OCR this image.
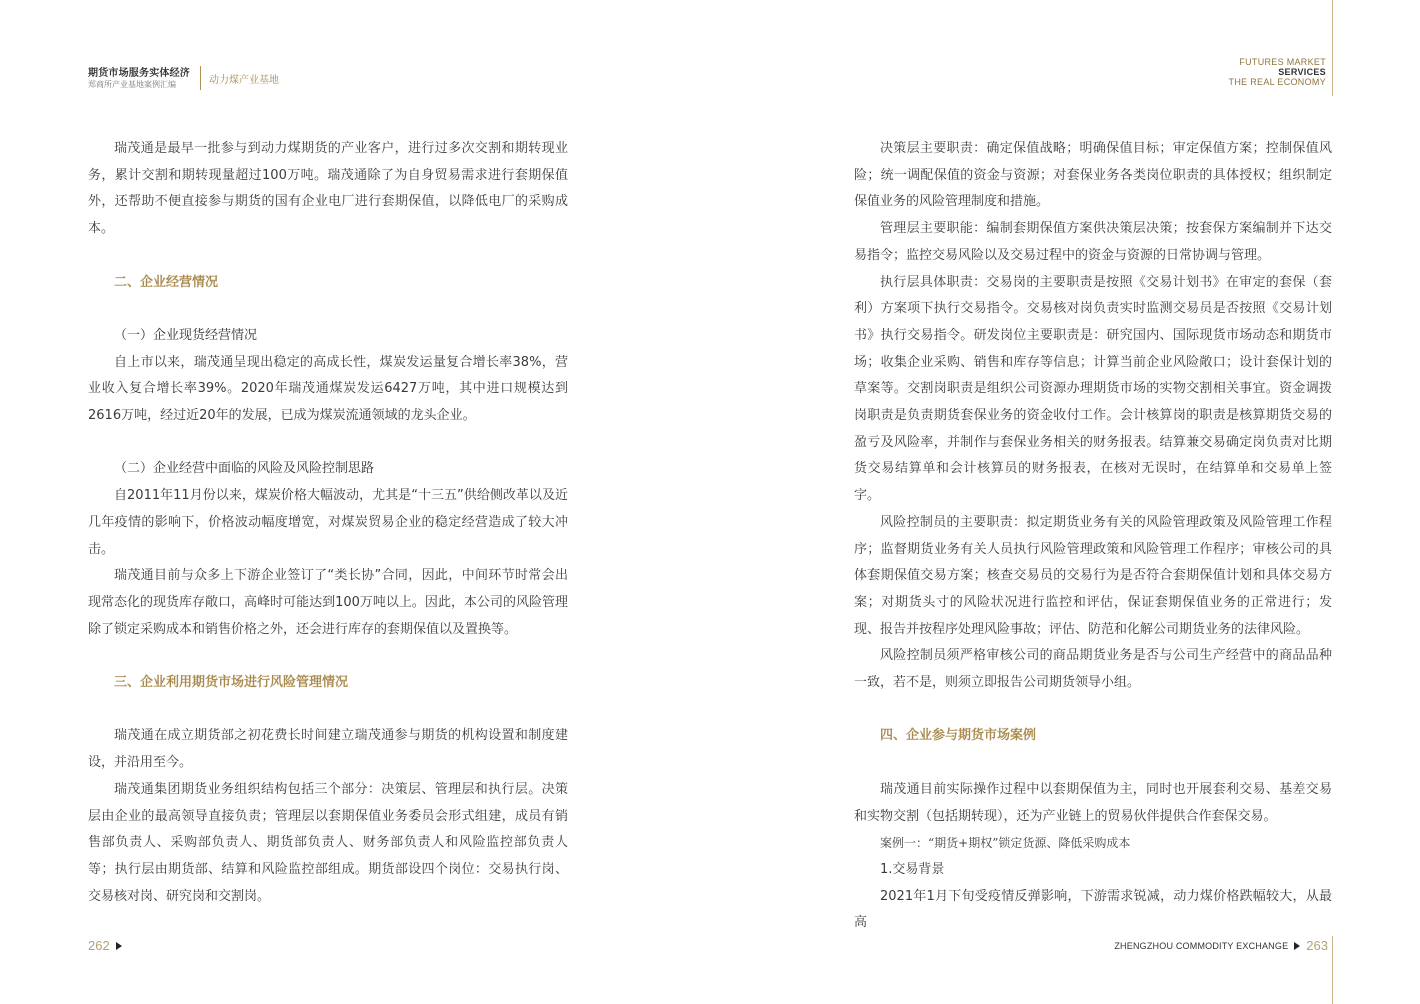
期货市场服务实体经济
郑商所产业基地案例汇编	动力煤产业基地
FUTURES MARKET
SERVICES
THE REAL ECONOMY

瑞茂通是最早一批参与到动力煤期货的产业客户，进行过多次交割和期转现业务，累计交割和期转现量超过100万吨。瑞茂通除了为自身贸易需求进行套期保值外，还帮助不便直接参与期货的国有企业电厂进行套期保值，以降低电厂的采购成本。

二、企业经营情况
（一）企业现货经营情况

自上市以来，瑞茂通呈现出稳定的高成长性，煤炭发运量复合增长率38%，营业收入复合增长率39%。2020年瑞茂通煤炭发运6427万吨，其中进口规模达到2616万吨，经过近20年的发展，已成为煤炭流通领域的龙头企业。

（二）企业经营中面临的风险及风险控制思路

自2011年11月份以来，煤炭价格大幅波动，尤其是“十三五”供给侧改革以及近几年疫情的影响下，价格波动幅度增宽，对煤炭贸易企业的稳定经营造成了较大冲击。

瑞茂通目前与众多上下游企业签订了“类长协”合同，因此，中间环节时常会出现常态化的现货库存敞口，高峰时可能达到100万吨以上。因此，本公司的风险管理除了锁定采购成本和销售价格之外，还会进行库存的套期保值以及置换等。

三、企业利用期货市场进行风险管理情况

瑞茂通在成立期货部之初花费长时间建立瑞茂通参与期货的机构设置和制度建设，并沿用至今。

瑞茂通集团期货业务组织结构包括三个部分：决策层、管理层和执行层。决策层由企业的最高领导直接负责；管理层以套期保值业务委员会形式组建，成员有销售部负责人、采购部负责人、期货部负责人、财务部负责人和风险监控部负责人等；执行层由期货部、结算和风险监控部组成。期货部设四个岗位：交易执行岗、交易核对岗、研究岗和交割岗。

决策层主要职责：确定保值战略；明确保值目标；审定保值方案；控制保值风险；统一调配保值的资金与资源；对套保业务各类岗位职责的具体授权；组织制定保值业务的风险管理制度和措施。

管理层主要职能：编制套期保值方案供决策层决策；按套保方案编制并下达交易指令；监控交易风险以及交易过程中的资金与资源的日常协调与管理。

执行层具体职责：交易岗的主要职责是按照《交易计划书》在审定的套保（套利）方案项下执行交易指令。交易核对岗负责实时监测交易员是否按照《交易计划书》执行交易指令。研发岗位主要职责是：研究国内、国际现货市场动态和期货市场；收集企业采购、销售和库存等信息；计算当前企业风险敞口；设计套保计划的草案等。交割岗职责是组织公司资源办理期货市场的实物交割相关事宜。资金调拨岗职责是负责期货套保业务的资金收付工作。会计核算岗的职责是核算期货交易的盈亏及风险率，并制作与套保业务相关的财务报表。结算兼交易确定岗负责对比期货交易结算单和会计核算员的财务报表，在核对无误时，在结算单和交易单上签字。

风险控制员的主要职责：拟定期货业务有关的风险管理政策及风险管理工作程序；监督期货业务有关人员执行风险管理政策和风险管理工作程序；审核公司的具体套期保值交易方案；核查交易员的交易行为是否符合套期保值计划和具体交易方案；对期货头寸的风险状况进行监控和评估，保证套期保值业务的正常进行；发现、报告并按程序处理风险事故；评估、防范和化解公司期货业务的法律风险。

风险控制员须严格审核公司的商品期货业务是否与公司生产经营中的商品品种一致，若不是，则须立即报告公司期货领导小组。

四、企业参与期货市场案例

瑞茂通目前实际操作过程中以套期保值为主，同时也开展套利交易、基差交易和实物交割（包括期转现），还为产业链上的贸易伙伴提供合作套保交易。

案例一：“期货+期权”锁定货源、降低采购成本

1.交易背景

2021年1月下旬受疫情反弹影响，下游需求锐减，动力煤价格跌幅较大，从最高

262	ZHENGZHOU COMMODITY EXCHANGE 263
